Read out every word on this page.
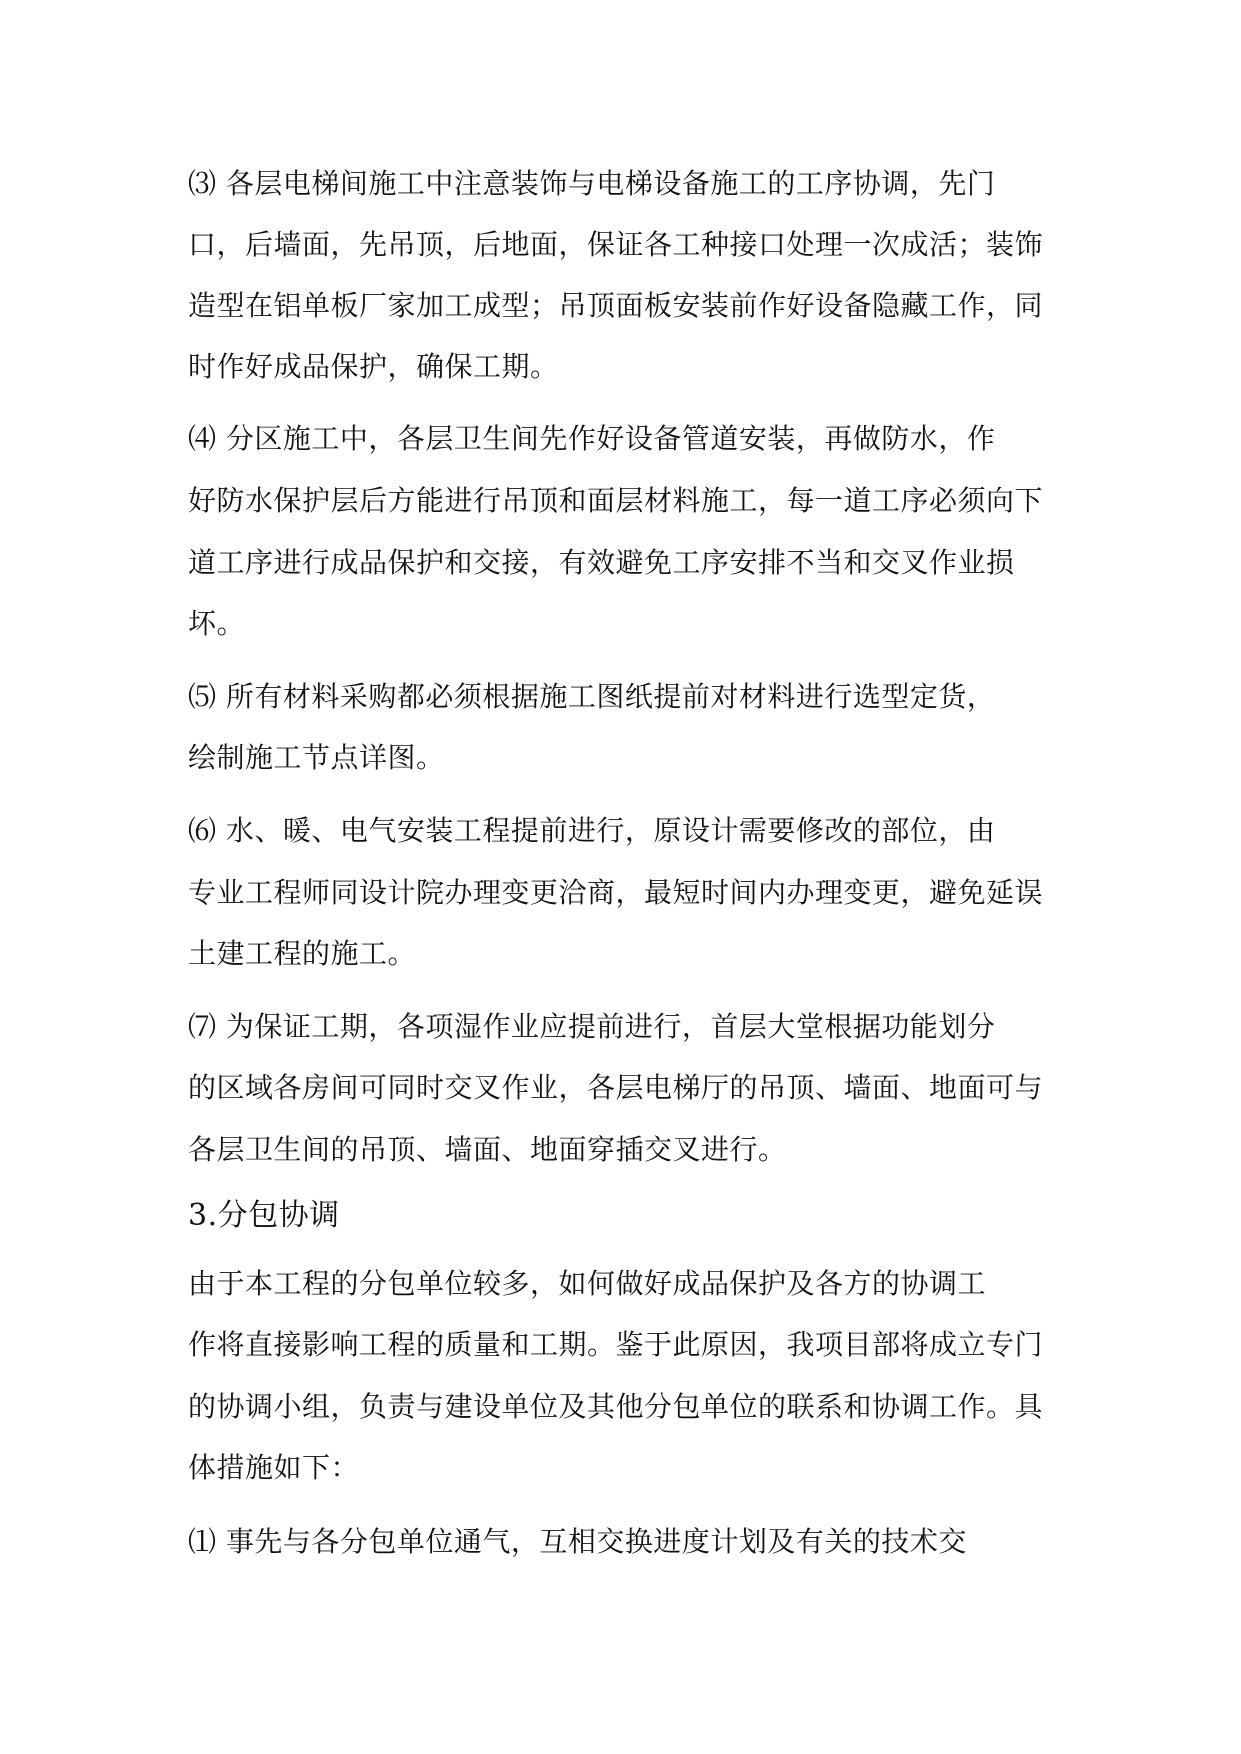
⑶ 各层电梯间施工中注意装饰与电梯设备施工的工序协调，先门
口，后墙面，先吊顶，后地面，保证各工种接口处理一次成活；装饰
造型在铝单板厂家加工成型；吊顶面板安装前作好设备隐藏工作，同
时作好成品保护，确保工期。
⑷ 分区施工中，各层卫生间先作好设备管道安装，再做防水，作
好防水保护层后方能进行吊顶和面层材料施工，每一道工序必须向下
道工序进行成品保护和交接，有效避免工序安排不当和交叉作业损
坏。
⑸ 所有材料采购都必须根据施工图纸提前对材料进行选型定货，
绘制施工节点详图。
⑹ 水、暖、电气安装工程提前进行，原设计需要修改的部位，由
专业工程师同设计院办理变更洽商，最短时间内办理变更，避免延误
土建工程的施工。
⑺ 为保证工期，各项湿作业应提前进行，首层大堂根据功能划分
的区域各房间可同时交叉作业，各层电梯厅的吊顶、墙面、地面可与
各层卫生间的吊顶、墙面、地面穿插交叉进行。
3.分包协调
由于本工程的分包单位较多，如何做好成品保护及各方的协调工
作将直接影响工程的质量和工期。鉴于此原因，我项目部将成立专门
的协调小组，负责与建设单位及其他分包单位的联系和协调工作。具
体措施如下：
⑴ 事先与各分包单位通气，互相交换进度计划及有关的技术交
